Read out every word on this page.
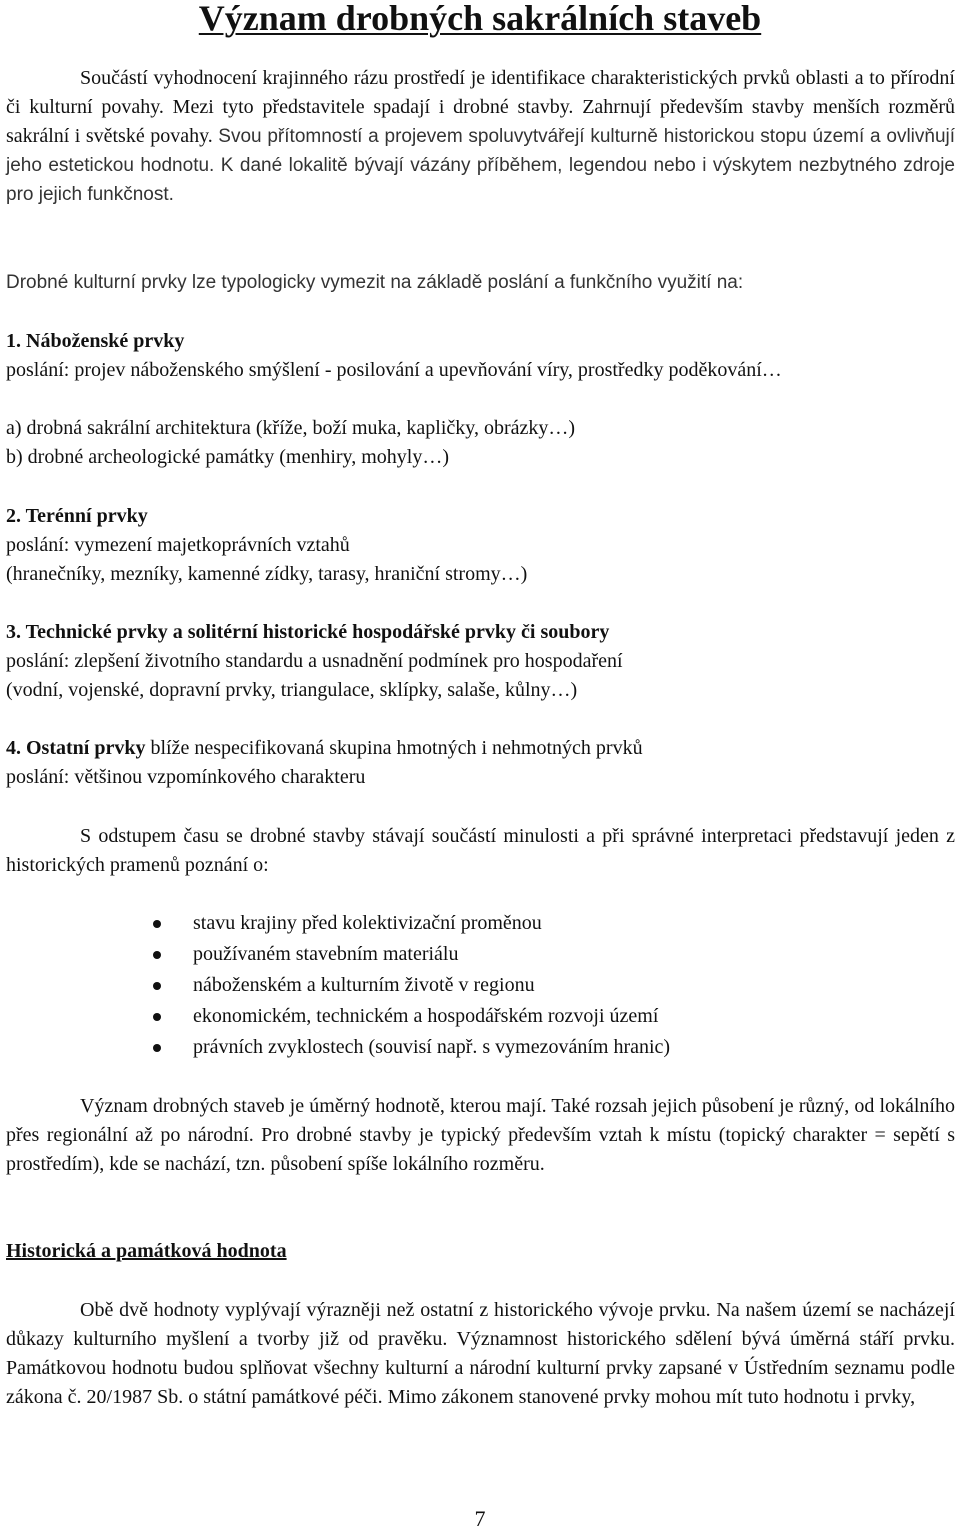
Význam drobných sakrálních staveb

Součástí vyhodnocení krajinného rázu prostředí je identifikace charakteristických prvků oblasti a to přírodní či kulturní povahy. Mezi tyto představitele spadají i drobné stavby. Zahrnují především stavby menších rozměrů sakrální i světské povahy. Svou přítomností a projevem spoluvytvářejí kulturně historickou stopu území a ovlivňují jeho estetickou hodnotu. K dané lokalitě bývají vázány příběhem, legendou nebo i výskytem nezbytného zdroje pro jejich funkčnost.

Drobné kulturní prvky lze typologicky vymezit na základě poslání a funkčního využití na:

1. Náboženské prvky

poslání: projev náboženského smýšlení - posilování a upevňování víry, prostředky poděkování…

a) drobná sakrální architektura (kříže, boží muka, kapličky, obrázky…)

b) drobné archeologické památky (menhiry, mohyly…)

2. Terénní prvky

poslání: vymezení majetkoprávních vztahů

(hranečníky, mezníky, kamenné zídky, tarasy, hraniční stromy…)

3. Technické prvky a solitérní historické hospodářské prvky či soubory

poslání: zlepšení životního standardu a usnadnění podmínek pro hospodaření

(vodní, vojenské, dopravní prvky, triangulace, sklípky, salaše, kůlny…)

4. Ostatní prvky blíže nespecifikovaná skupina hmotných i nehmotných prvků

poslání: většinou vzpomínkového charakteru

S odstupem času se drobné stavby stávají součástí minulosti a při správné interpretaci představují jeden z historických pramenů poznání o:

stavu krajiny před kolektivizační proměnou
používaném stavebním materiálu
náboženském a kulturním životě v regionu
ekonomickém, technickém a hospodářském rozvoji území
právních zvyklostech (souvisí např. s vymezováním hranic)

Význam drobných staveb je úměrný hodnotě, kterou mají. Také rozsah jejich působení je různý, od lokálního přes regionální až po národní. Pro drobné stavby je typický především vztah k místu (topický charakter = sepětí s prostředím), kde se nachází, tzn. působení spíše lokálního rozměru.

Historická a památková hodnota

Obě dvě hodnoty vyplývají výrazněji než ostatní z historického vývoje prvku. Na našem území se nacházejí důkazy kulturního myšlení a tvorby již od pravěku. Významnost historického sdělení bývá úměrná stáří prvku. Památkovou hodnotu budou splňovat všechny kulturní a národní kulturní prvky zapsané v Ústředním seznamu podle zákona č. 20/1987 Sb. o státní památkové péči. Mimo zákonem stanovené prvky mohou mít tuto hodnotu i prvky,

7
